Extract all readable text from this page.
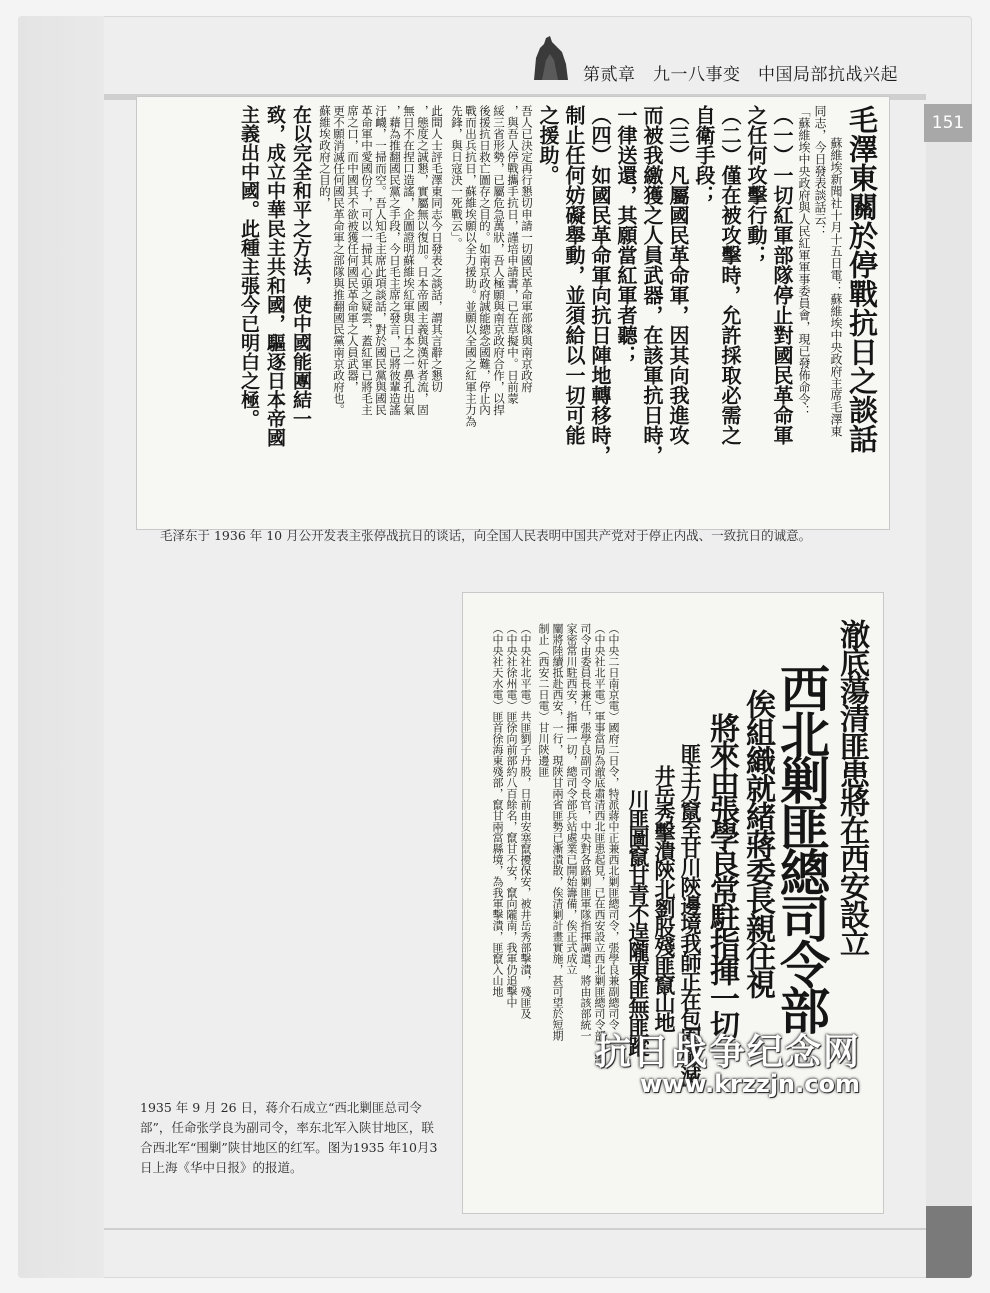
第贰章　九一八事变　中国局部抗战兴起
151
毛澤東關於停戰抗日之談話
蘇維埃新聞社十月十五日電：蘇維埃中央政府主席毛澤東
同志，今日發表談話云：
「蘇維埃中央政府與人民紅軍軍事委員會，現已發佈命令：
（一）一切紅軍部隊停止對國民革命軍
之任何攻擊行動；
（二）僅在被攻擊時，允許採取必需之
自衛手段；
（三）凡屬國民革命軍，因其向我進攻
而被我繳獲之人員武器，在該軍抗日時，
一律送還，其願當紅軍者聽；
（四）如國民革命軍向抗日陣地轉移時，
制止任何妨礙舉動，並須給以一切可能
之援助。
吾人已決定再行懇切申請一切國民革命軍部隊與南京政府
，與吾人停戰攜手抗日，謹培申請書，已在草擬中。日前蒙
綏三省形勢，已屬危急萬狀，吾人極願與南京政府合作，以捍
後援抗日救亡圖存之目的。如南京政府誠能總念國難，停止內
戰而出兵抗日，蘇維埃願以全力援助。並願以全國之紅軍主力為
先鋒，與日寇決一死戰云」。
此間人士評毛澤東同志今日發表之談話，謂其言辭之懇切
，態度之誠懇，實屬無以復加。日本帝國主義與漢奸者流，固
無日不在捏口造謠，企圖證明蘇維埃紅軍與日本之一鼻孔出氣
，藉為推翻國民黨之手段，今日毛主席之發言，已將彼輩造謠
汙衊，一掃而空。吾人知毛主席此項談話，對於國民黨與國民
革命軍中愛國份子，可以一掃其心頭之疑雲，蓋紅軍已將毛主
席之口，而中國其不欲被獲任何國民革命軍之人員武器，
更不願消滅任何國民革命軍之部隊與推翻國民黨南京政府也。
蘇維埃政府之目的，
在以完全和平之方法，使中國能團結一
致，成立中華民主共和國，驅逐日本帝國
主義出中國。此種主張今已明白之極。
毛泽东于 1936 年 10 月公开发表主张停战抗日的谈话，向全国人民表明中国共产党对于停止内战、一致抗日的诚意。
澈底蕩清匪患將在西安設立
西北剿匪總司令部
俟組織就緒蔣委長親往視
將來由張學良常駐指揮一切
匪主力竄至甘川陝邊境我師正在包圍殲滅
井岳秀擊潰陝北劉股殘匪竄山地
川匪圖竄甘青不逞隴東匪無匪蹤
（中央二日南京電）國府二日令，特派蔣中正兼西北剿匪總司令，張學良兼副總司令
（中央社北平電）軍事當局為澈底肅清西北匪患起見，已在西安設立西北剿匪總司令部，總
司令由委員長兼任，張學良副司令長官，中央對各路剿匪軍隊指揮調遣，將由該部統一
家密常川駐西安，指揮一切，總司令部兵站處業已開始籌備，俟正式成立
闡將陸續抵赴西安，一行，現陝甘兩省匪勢已漸潰散，俟清剿計畫實施，甚可望於短期
制止（西安二日電）甘川陝邊匪
（中央社北平電）共匪劉子丹股，日前由安塞竄擾保安，被井岳秀部擊潰，殘匪及
（中央社徐州電）匪徐向前部約八百餘名，竄甘不安，竄向隴南，我軍仍追擊中
（中央社天水電）匪首徐海東殘部，竄甘兩當縣境，為我軍擊潰，匪竄入山地
1935 年 9 月 26 日，蒋介石成立“西北剿匪总司令部”，任命张学良为副司令，率东北军入陕甘地区，联合西北军“围剿”陕甘地区的红军。图为1935 年10月3日上海《华中日报》的报道。
抗日战争纪念网
www.krzzjn.com
